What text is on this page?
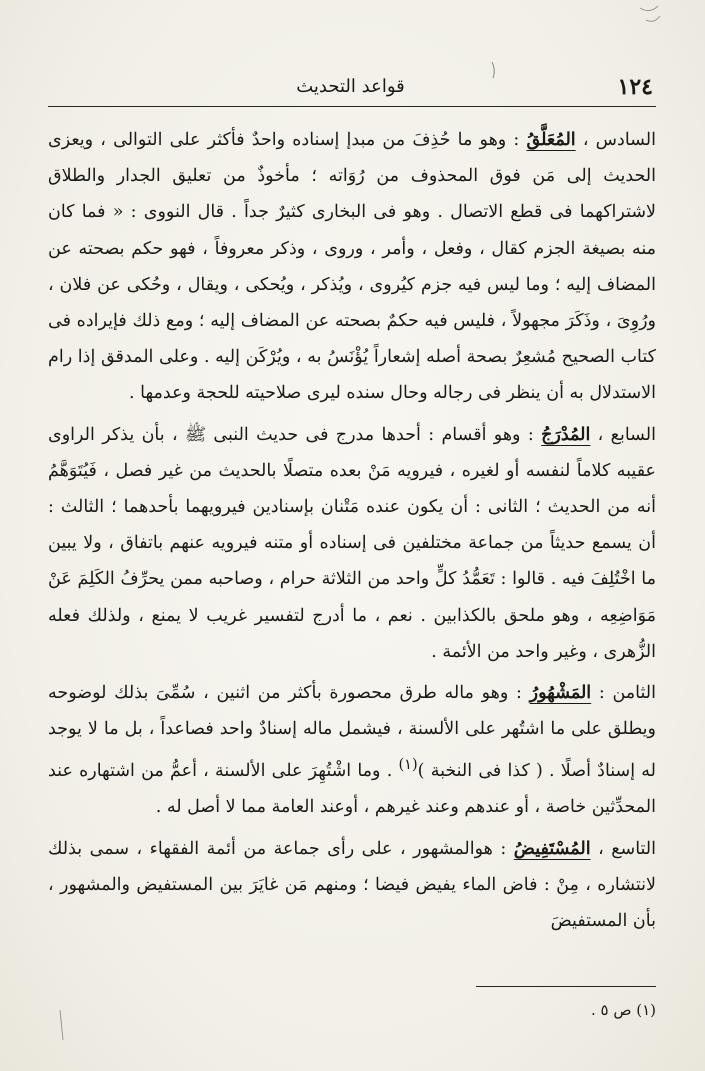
١٢٤
قواعد التحديث

السادس ، المُعَلَّقُ : وهو ما حُذِفَ من مبدإ إسناده واحدٌ فأكثر على التوالى ، ويعزى الحديث إلى مَن فوق المحذوف من رُوَاته ؛ مأخوذٌ من تعليق الجدار والطلاق لاشتراكهما فى قطع الاتصال . وهو فى البخارى كثيرٌ جداً . قال النووى : « فما كان منه بصيغة الجزم كقال ، وفعل ، وأمر ، وروى ، وذكر معروفاً ، فهو حكم بصحته عن المضاف إليه ؛ وما ليس فيه جزم كيُروى ، ويُذكر ، ويُحكى ، ويقال ، وحُكى عن فلان ، ورُوِىَ ، وذَكَرَ مجهولاً ، فليس فيه حكمٌ بصحته عن المضاف إليه ؛ ومع ذلك فإيراده فى كتاب الصحيح مُشعِرٌ بصحة أصله إشعاراً يُؤْنَسُ به ، ويُرْكَن إليه . وعلى المدقق إذا رام الاستدلال به أن ينظر فى رجاله وحال سنده ليرى صلاحيته للحجة وعدمها .

السابع ، المُدْرَجُ : وهو أقسام : أحدها مدرج فى حديث النبى ﷺ ، بأن يذكر الراوى عقيبه كلاماً لنفسه أو لغيره ، فيرويه مَنْ بعده متصلًا بالحديث من غير فصل ، فَيُتَوَهَّمُ أنه من الحديث ؛ الثانى : أن يكون عنده مَتْنان بإسنادين فيرويهما بأحدهما ؛ الثالث : أن يسمع حديثاً من جماعة مختلفين فى إسناده أو متنه فيرويه عنهم باتفاق ، ولا يبين ما اخْتُلِفَ فيه . قالوا : تَعَمُّدُ كلٍّ واحد من الثلاثة حرام ، وصاحبه ممن يحرِّفُ الكَلِمَ عَنْ مَوَاضِعِه ، وهو ملحق بالكذابين . نعم ، ما أدرج لتفسير غريب لا يمنع ، ولذلك فعله الزُّهرى ، وغير واحد من الأئمة .

الثامن : المَشْهُورُ : وهو ماله طرق محصورة بأكثر من اثنين ، سُمِّىَ بذلك لوضوحه ويطلق على ما اشتُهر على الألسنة ، فيشمل ماله إسنادٌ واحد فصاعداً ، بل ما لا يوجد له إسنادٌ أصلًا . ( كذا فى النخبة )$^{(١)}$ . وما اشْتُهِرَ على الألسنة ، أعمُّ من اشتهاره عند المحدِّثين خاصة ، أو عندهم وعند غيرهم ، أوعند العامة مما لا أصل له .

التاسع ، المُسْتَفِيضُ : هوالمشهور ، على رأى جماعة من أئمة الفقهاء ، سمى بذلك لانتشاره ، مِنْ : فاض الماء يفيض فيضا ؛ ومنهم مَن غايَرَ بين المستفيض والمشهور ، بأن المستفيضَ

(١) ص ٥ .
